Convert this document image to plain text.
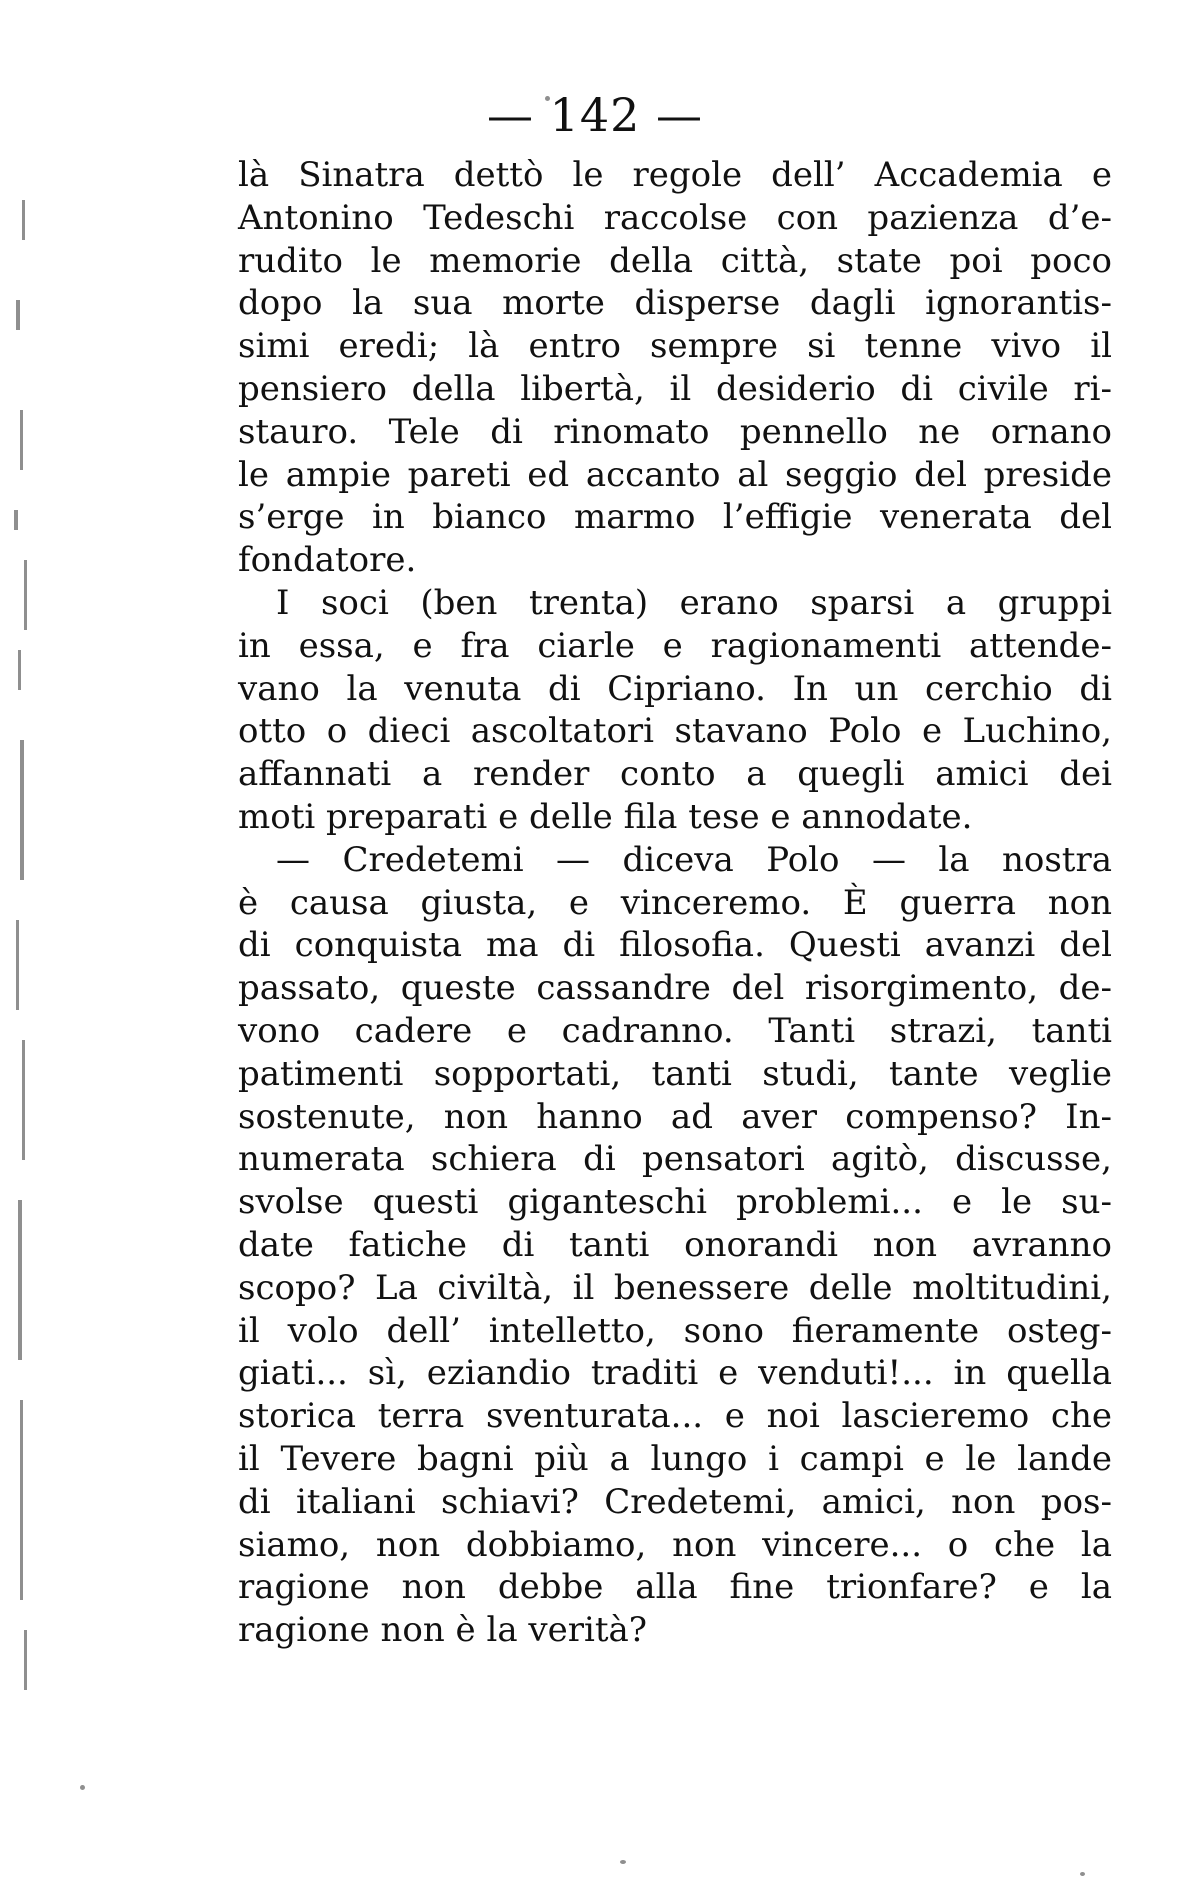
— 142 —
là Sinatra dettò le regole dell’ Accademia e
Antonino Tedeschi raccolse con pazienza d’e-
rudito le memorie della città, state poi poco
dopo la sua morte disperse dagli ignorantis-
simi eredi; là entro sempre si tenne vivo il
pensiero della libertà, il desiderio di civile ri-
stauro. Tele di rinomato pennello ne ornano
le ampie pareti ed accanto al seggio del preside
s’erge in bianco marmo l’effigie venerata del
fondatore.
I soci (ben trenta) erano sparsi a gruppi
in essa, e fra ciarle e ragionamenti attende-
vano la venuta di Cipriano. In un cerchio di
otto o dieci ascoltatori stavano Polo e Luchino,
affannati a render conto a quegli amici dei
moti preparati e delle fila tese e annodate.
— Credetemi — diceva Polo — la nostra
è causa giusta, e vinceremo. È guerra non
di conquista ma di filosofia. Questi avanzi del
passato, queste cassandre del risorgimento, de-
vono cadere e cadranno. Tanti strazi, tanti
patimenti sopportati, tanti studi, tante veglie
sostenute, non hanno ad aver compenso? In-
numerata schiera di pensatori agitò, discusse,
svolse questi giganteschi problemi... e le su-
date fatiche di tanti onorandi non avranno
scopo? La civiltà, il benessere delle moltitudini,
il volo dell’ intelletto, sono fieramente osteg-
giati... sì, eziandio traditi e venduti!... in quella
storica terra sventurata... e noi lascieremo che
il Tevere bagni più a lungo i campi e le lande
di italiani schiavi? Credetemi, amici, non pos-
siamo, non dobbiamo, non vincere... o che la
ragione non debbe alla fine trionfare? e la
ragione non è la verità?
